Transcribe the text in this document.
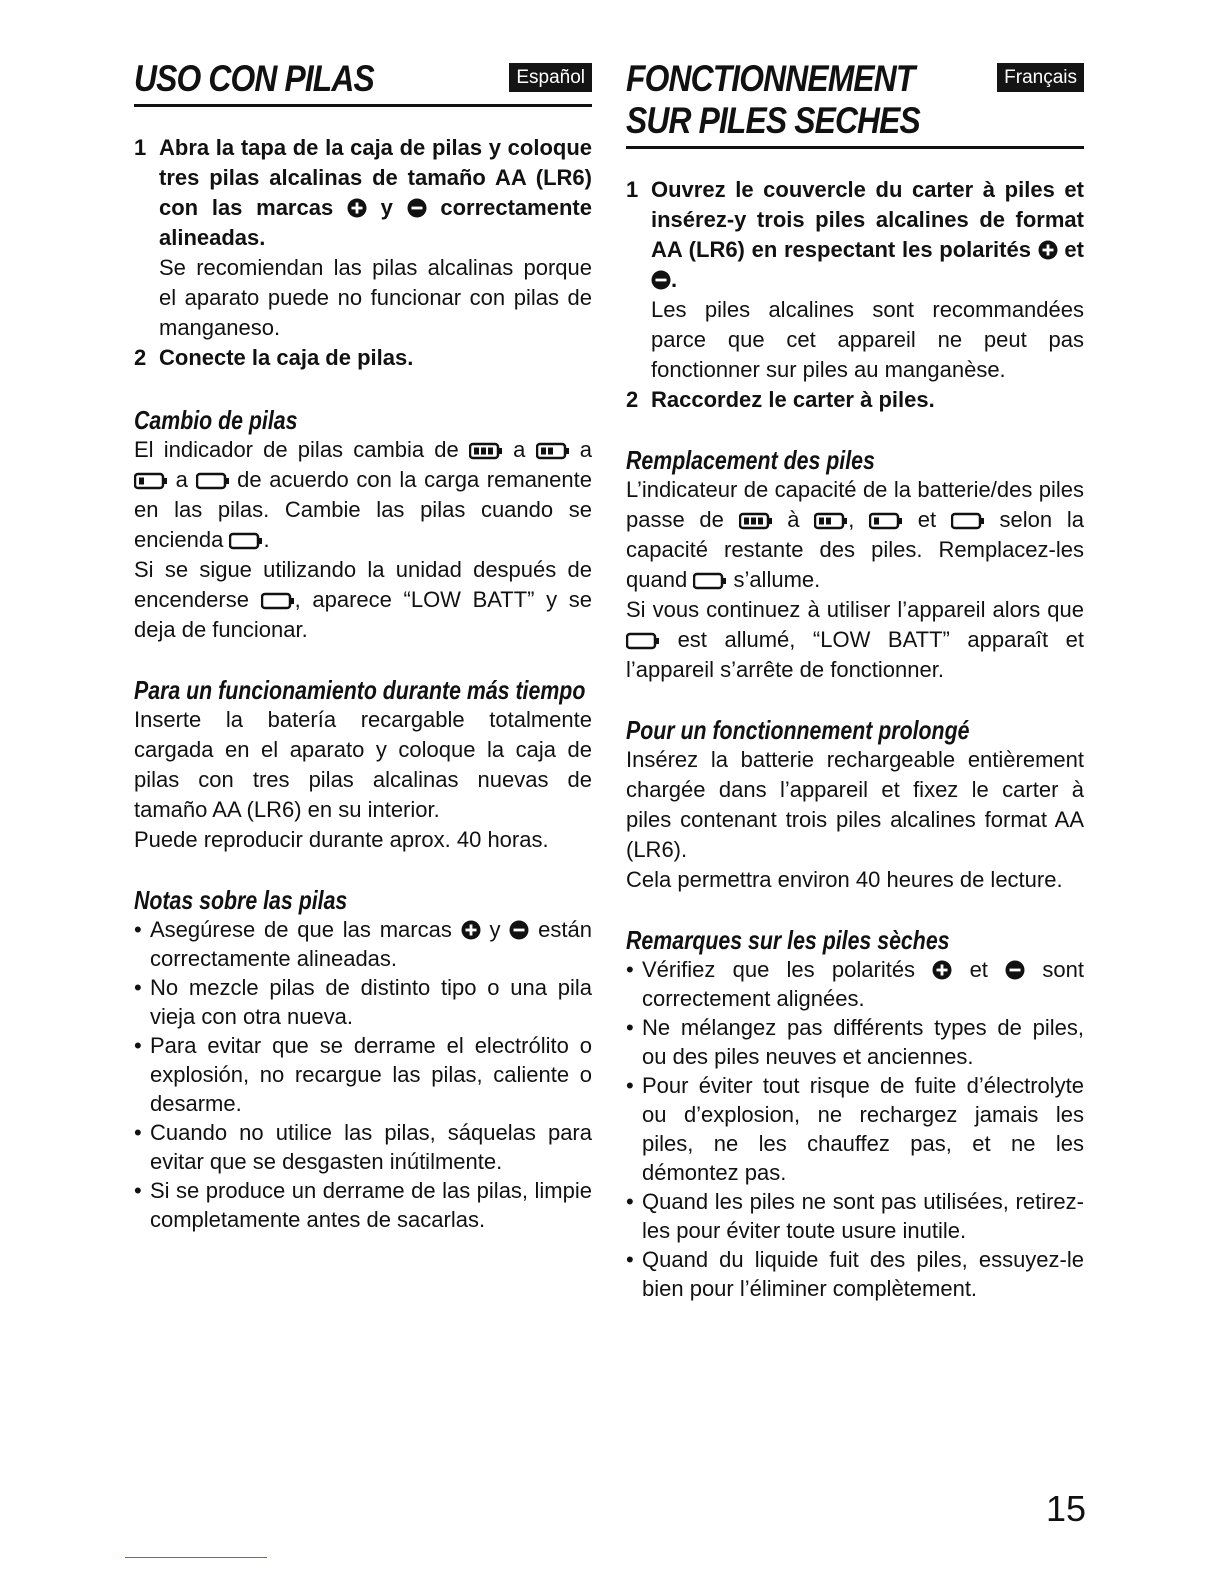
USO CON PILAS	Español
1 Abra la tapa de la caja de pilas y coloque tres pilas alcalinas de tamaño AA (LR6) con las marcas y correctamente alineadas.

Se recomiendan las pilas alcalinas porque el aparato puede no funcionar con pilas de manganeso.

2 Conecte la caja de pilas.

Cambio de pilas

El indicador de pilas cambia de a a
a de acuerdo con la carga remanente en las pilas. Cambie las pilas cuando se encienda .

Si se sigue utilizando la unidad después de encenderse , aparece “LOW BATT” y se deja de funcionar.

Para un funcionamiento durante más tiempo

Inserte la batería recargable totalmente cargada en el aparato y coloque la caja de pilas con tres pilas alcalinas nuevas de tamaño AA (LR6) en su interior.

Puede reproducir durante aprox. 40 horas.

Notas sobre las pilas
• Asegúrese de que las marcas y están correctamente alineadas.
• No mezcle pilas de distinto tipo o una pila vieja con otra nueva.
• Para evitar que se derrame el electrólito o explosión, no recargue las pilas, caliente o desarme.
• Cuando no utilice las pilas, sáquelas para evitar que se desgasten inútilmente.
• Si se produce un derrame de las pilas, limpie completamente antes de sacarlas.
FONCTIONNEMENT
SUR PILES SECHES
Français
1 Ouvrez le couvercle du carter à piles et insérez-y trois piles alcalines de format AA (LR6) en respectant les polarités et
.

Les piles alcalines sont recommandées parce que cet appareil ne peut pas fonctionner sur piles au manganèse.

2 Raccordez le carter à piles.

Remplacement des piles

L’indicateur de capacité de la batterie/des piles passe de	à ,	et	selon la capacité restante des piles. Remplacez-les quand s’allume.

Si vous continuez à utiliser l’appareil alors que
est allumé, “LOW BATT” apparaît et l’appareil s’arrête de fonctionner.

Pour un fonctionnement prolongé

Insérez la batterie rechargeable entièrement chargée dans l’appareil et fixez le carter à piles contenant trois piles alcalines format AA (LR6).

Cela permettra environ 40 heures de lecture.

Remarques sur les piles sèches
• Vérifiez que les polarités et sont correctement alignées.
• Ne mélangez pas différents types de piles, ou des piles neuves et anciennes.
• Pour éviter tout risque de fuite d’électrolyte ou d’explosion, ne rechargez jamais les piles, ne les chauffez pas, et ne les démontez pas.
• Quand les piles ne sont pas utilisées, retirez-les pour éviter toute usure inutile.
• Quand du liquide fuit des piles, essuyez-le bien pour l’éliminer complètement.
15
